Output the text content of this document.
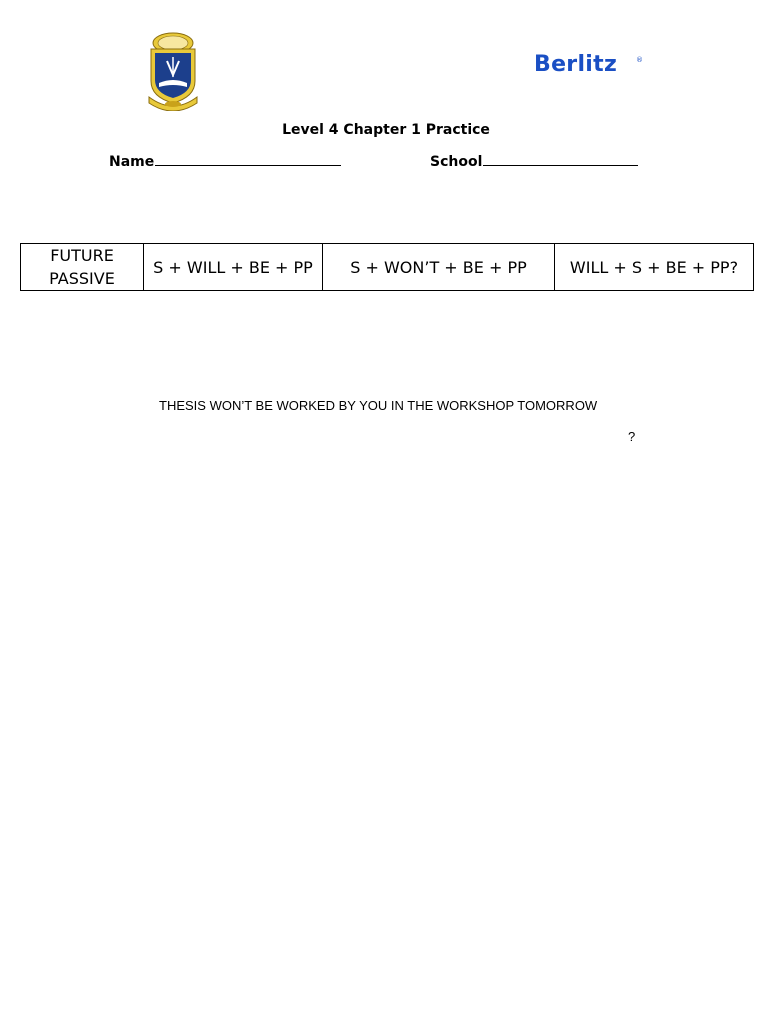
Berlitz	®
Level 4 Chapter 1 Practice
Name	School
FUTURE PASSIVE	S + WILL + BE + PP	S + WON’T + BE + PP	WILL + S + BE + PP?
THESIS WON’T BE WORKED BY YOU IN THE WORKSHOP TOMORROW
?
